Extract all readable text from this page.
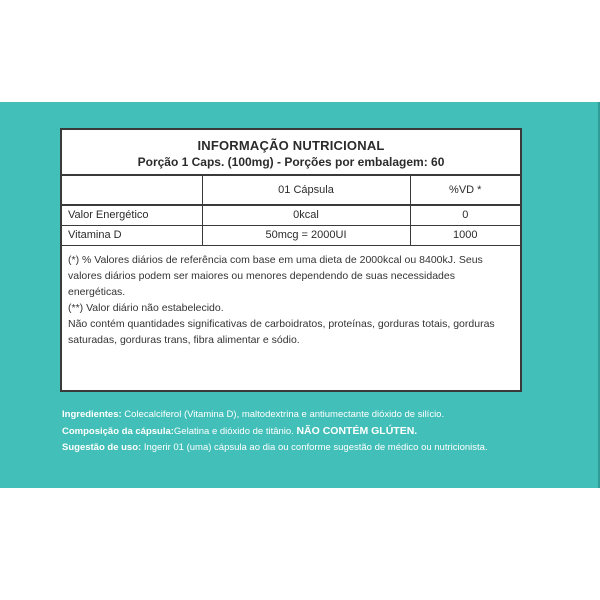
INFORMAÇÃO NUTRICIONAL
Porção 1 Caps. (100mg) - Porções por embalagem: 60
	01 Cápsula	%VD *
Valor Energético	0kcal	0
Vitamina D	50mcg = 2000UI	1000

(*) % Valores diários de referência com base em uma dieta de 2000kcal ou 8400kJ. Seus valores diários podem ser maiores ou menores dependendo de suas necessidades energéticas.

(**) Valor diário não estabelecido.

Não contém quantidades significativas de carboidratos, proteínas, gorduras totais, gorduras saturadas, gorduras trans, fibra alimentar e sódio.

Ingredientes: Colecalciferol (Vitamina D), maltodextrina e antiumectante dióxido de silício.

Composição da cápsula:Gelatina e dióxido de titânio. NÃO CONTÉM GLÚTEN.

Sugestão de uso: Ingerir 01 (uma) cápsula ao dia ou conforme sugestão de médico ou nutricionista.
